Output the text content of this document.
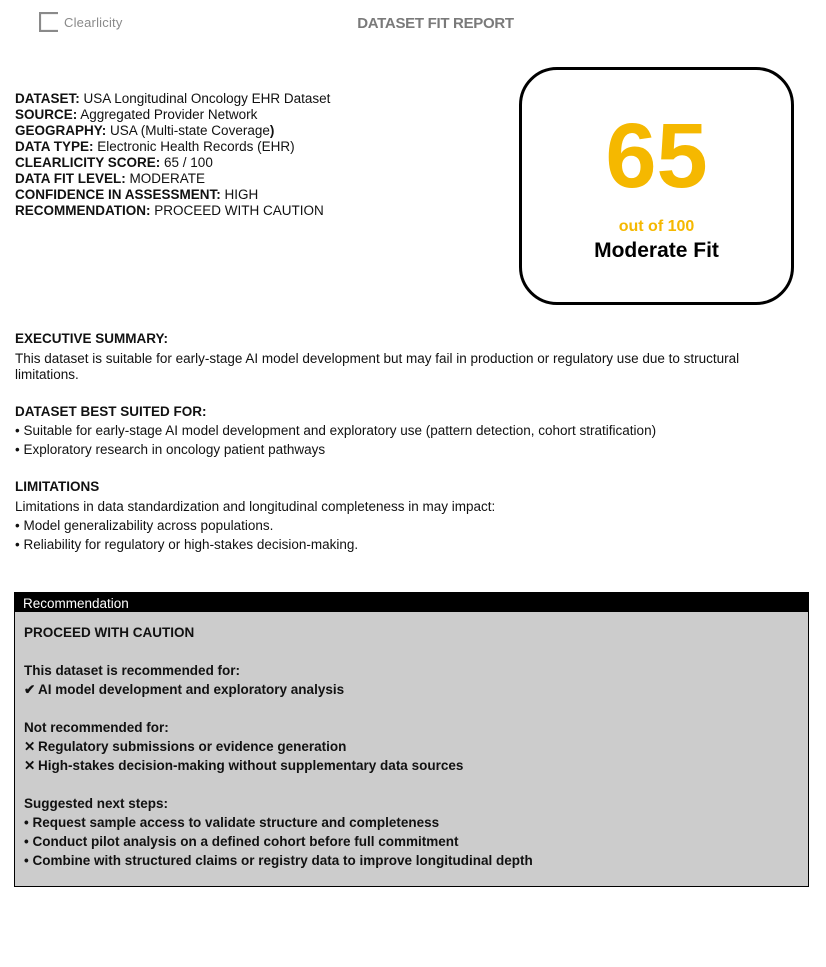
Clearlicity	DATASET FIT REPORT
DATASET: USA Longitudinal Oncology EHR Dataset
SOURCE: Aggregated Provider Network
GEOGRAPHY: USA (Multi-state Coverage)
DATA TYPE: Electronic Health Records (EHR)
CLEARLICITY SCORE: 65 / 100
DATA FIT LEVEL: MODERATE
CONFIDENCE IN ASSESSMENT: HIGH
RECOMMENDATION: PROCEED WITH CAUTION
65
out of 100
Moderate Fit
EXECUTIVE SUMMARY:

This dataset is suitable for early-stage AI model development but may fail in production or regulatory use due to structural limitations.

DATASET BEST SUITED FOR:
• Suitable for early-stage AI model development and exploratory use (pattern detection, cohort stratification)
• Exploratory research in oncology patient pathways
LIMITATIONS

Limitations in data standardization and longitudinal completeness in may impact:

• Model generalizability across populations.
• Reliability for regulatory or high-stakes decision-making.
Recommendation
PROCEED WITH CAUTION
This dataset is recommended for:
✔ AI model development and exploratory analysis
Not recommended for:
✕ Regulatory submissions or evidence generation
✕ High-stakes decision-making without supplementary data sources
Suggested next steps:
• Request sample access to validate structure and completeness
• Conduct pilot analysis on a defined cohort before full commitment
• Combine with structured claims or registry data to improve longitudinal depth
